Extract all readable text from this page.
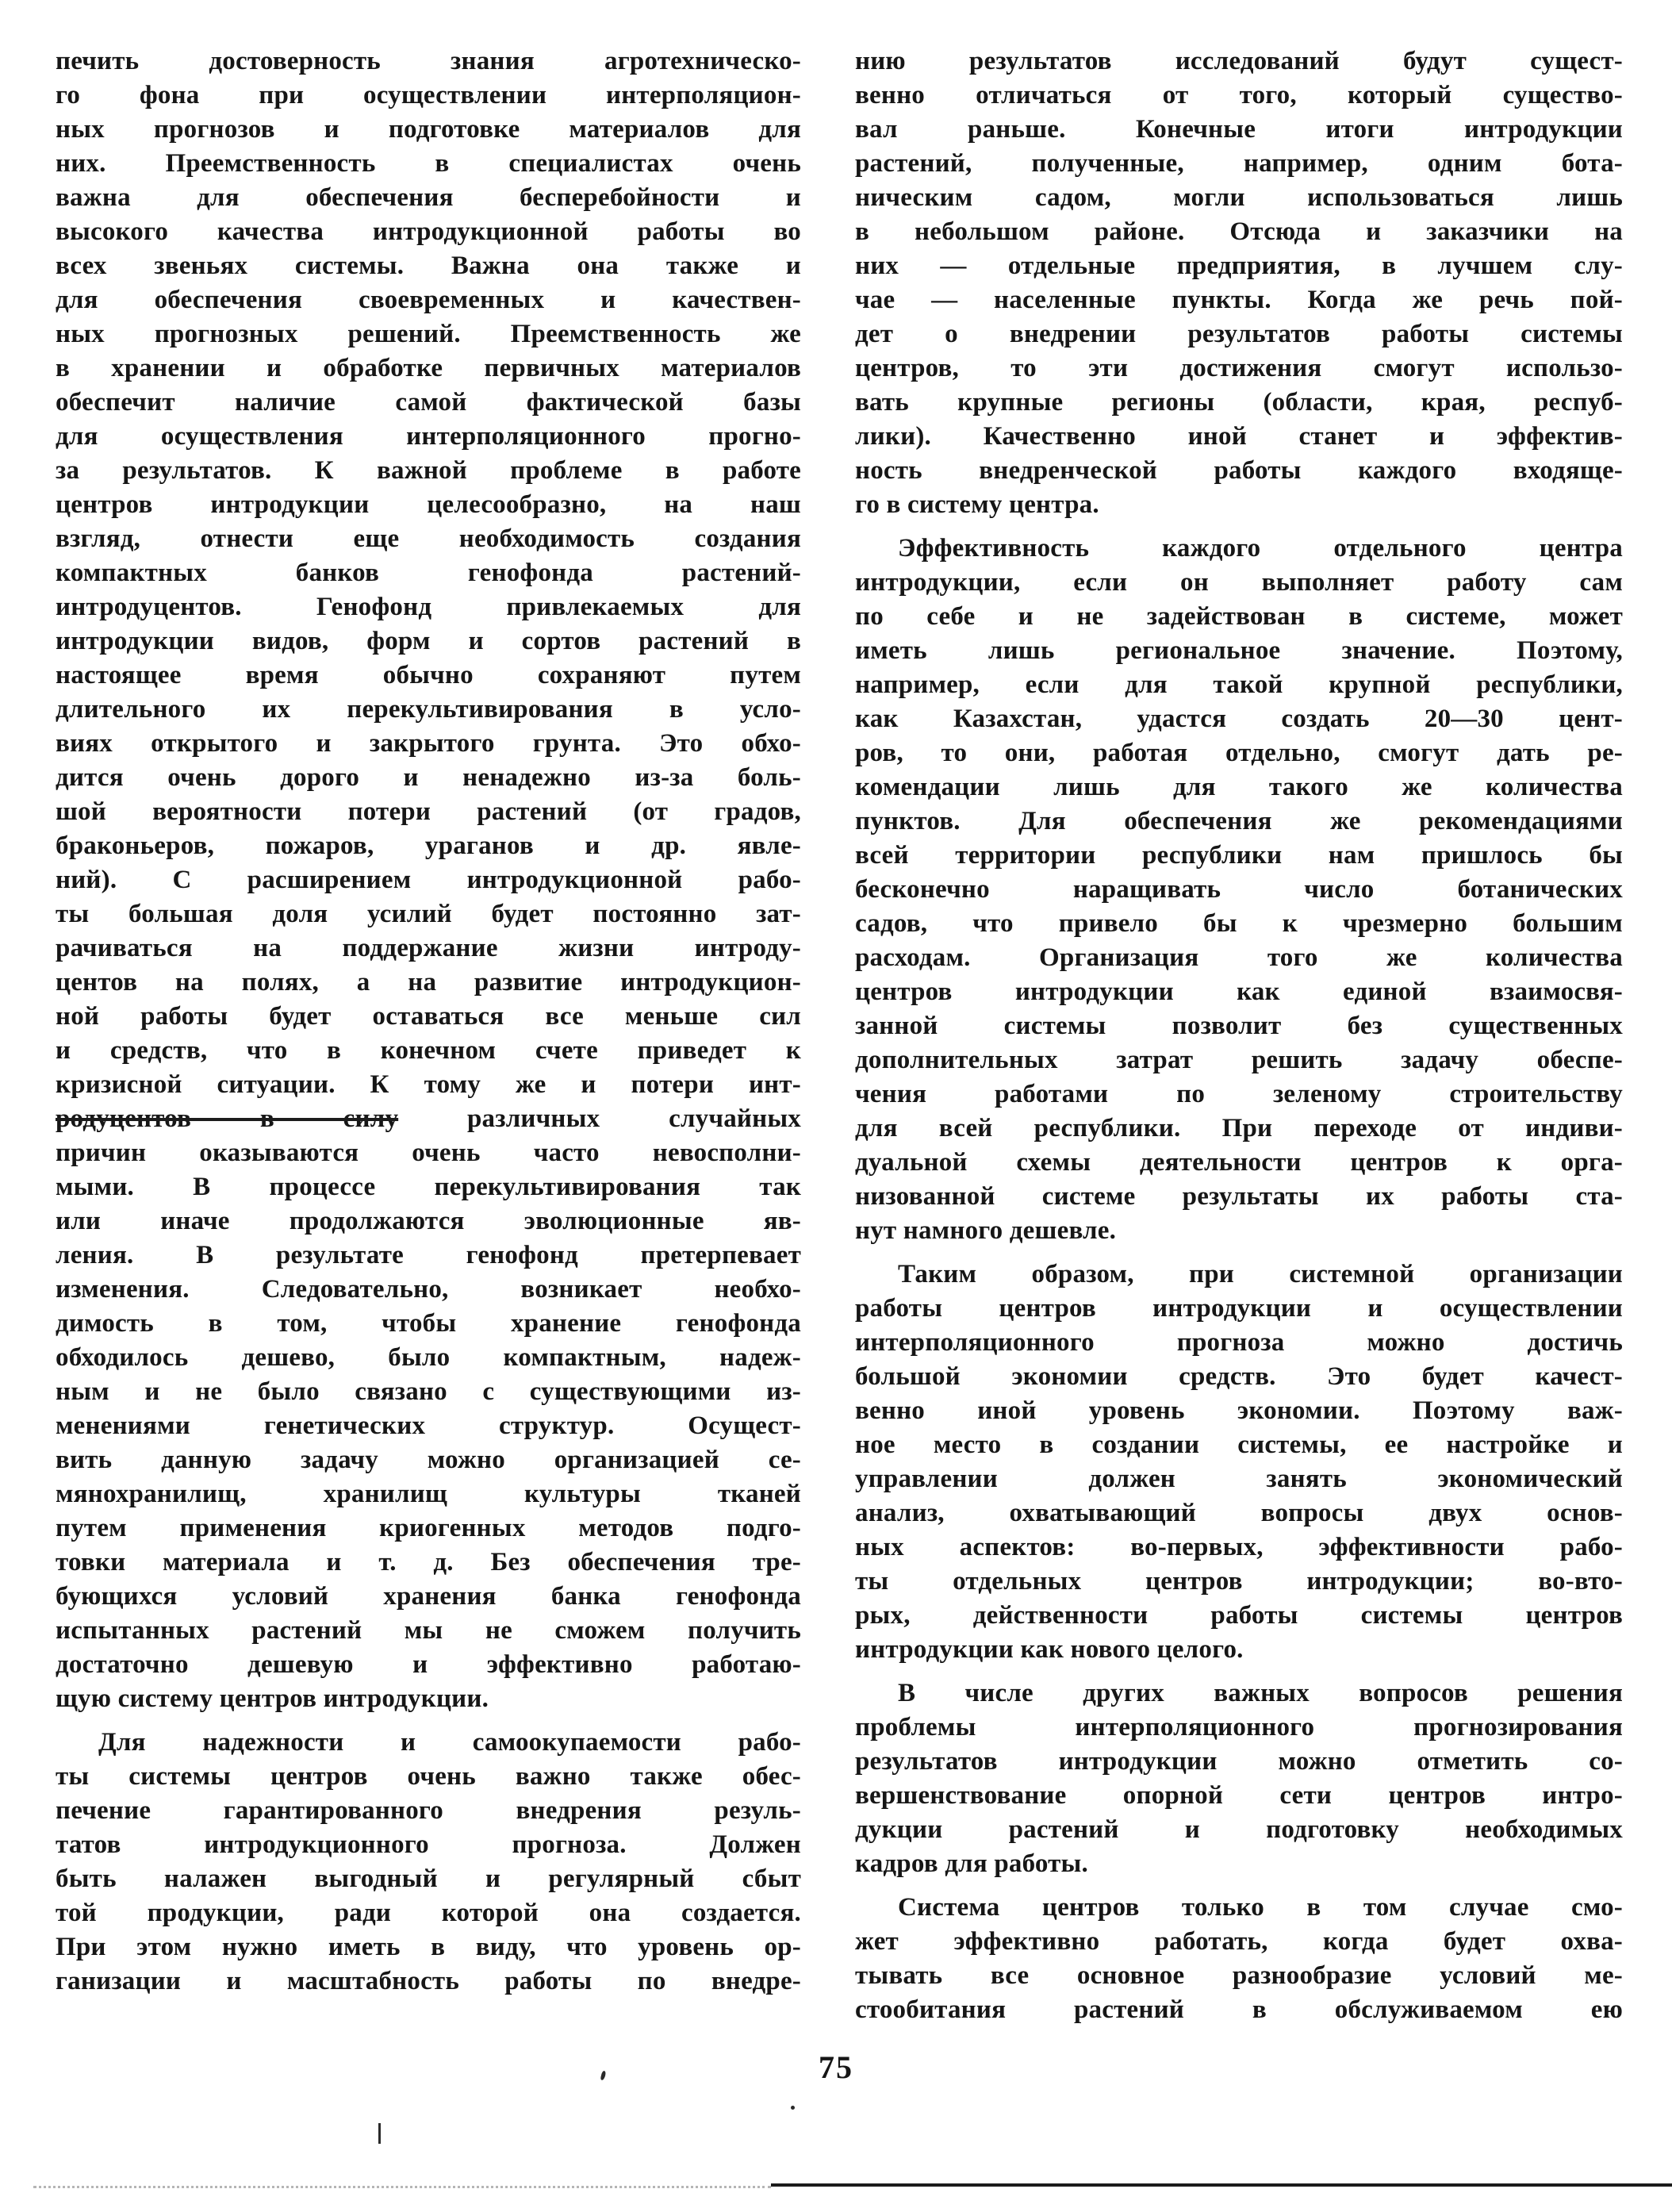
печить достоверность знания агротехническо-
го фона при осуществлении интерполяцион-
ных прогнозов и подготовке материалов для
них. Преемственность в специалистах очень
важна для обеспечения бесперебойности и
высокого качества интродукционной работы во
всех звеньях системы. Важна она также и
для обеспечения своевременных и качествен-
ных прогнозных решений. Преемственность же
в хранении и обработке первичных материалов
обеспечит наличие самой фактической базы
для осуществления интерполяционного прогно-
за результатов. К важной проблеме в работе
центров интродукции целесообразно, на наш
взгляд, отнести еще необходимость создания
компактных банков генофонда растений-
интродуцентов. Генофонд привлекаемых для
интродукции видов, форм и сортов растений в
настоящее время обычно сохраняют путем
длительного их перекультивирования в усло-
виях открытого и закрытого грунта. Это обхо-
дится очень дорого и ненадежно из-за боль-
шой вероятности потери растений (от градов,
браконьеров, пожаров, ураганов и др. явле-
ний). С расширением интродукционной рабо-
ты большая доля усилий будет постоянно зат-
рачиваться на поддержание жизни интроду-
центов на полях, а на развитие интродукцион-
ной работы будет оставаться все меньше сил
и средств, что в конечном счете приведет к
кризисной ситуации. К тому же и потери инт-
родуцентов в силу различных случайных
причин оказываются очень часто невосполни-
мыми. В процессе перекультивирования так
или иначе продолжаются эволюционные яв-
ления. В результате генофонд претерпевает
изменения. Следовательно, возникает необхо-
димость в том, чтобы хранение генофонда
обходилось дешево, было компактным, надеж-
ным и не было связано с существующими из-
менениями генетических структур. Осущест-
вить данную задачу можно организацией се-
мянохранилищ, хранилищ культуры тканей
путем применения криогенных методов подго-
товки материала и т. д. Без обеспечения тре-
бующихся условий хранения банка генофонда
испытанных растений мы не сможем получить
достаточно дешевую и эффективно работаю-
щую систему центров интродукции.

Для надежности и самоокупаемости рабо-
ты системы центров очень важно также обес-
печение гарантированного внедрения резуль-
татов интродукционного прогноза. Должен
быть налажен выгодный и регулярный сбыт
той продукции, ради которой она создается.
При этом нужно иметь в виду, что уровень ор-
ганизации и масштабность работы по внедре-

нию результатов исследований будут сущест-
венно отличаться от того, который существо-
вал раньше. Конечные итоги интродукции
растений, полученные, например, одним бота-
ническим садом, могли использоваться лишь
в небольшом районе. Отсюда и заказчики на
них — отдельные предприятия, в лучшем слу-
чае — населенные пункты. Когда же речь пой-
дет о внедрении результатов работы системы
центров, то эти достижения смогут использо-
вать крупные регионы (области, края, респуб-
лики). Качественно иной станет и эффектив-
ность внедренческой работы каждого входяще-
го в систему центра.

Эффективность каждого отдельного центра
интродукции, если он выполняет работу сам
по себе и не задействован в системе, может
иметь лишь региональное значение. Поэтому,
например, если для такой крупной республики,
как Казахстан, удастся создать 20—30 цент-
ров, то они, работая отдельно, смогут дать ре-
комендации лишь для такого же количества
пунктов. Для обеспечения же рекомендациями
всей территории республики нам пришлось бы
бесконечно наращивать число ботанических
садов, что привело бы к чрезмерно большим
расходам. Организация того же количества
центров интродукции как единой взаимосвя-
занной системы позволит без существенных
дополнительных затрат решить задачу обеспе-
чения работами по зеленому строительству
для всей республики. При переходе от индиви-
дуальной схемы деятельности центров к орга-
низованной системе результаты их работы ста-
нут намного дешевле.

Таким образом, при системной организации
работы центров интродукции и осуществлении
интерполяционного прогноза можно достичь
большой экономии средств. Это будет качест-
венно иной уровень экономии. Поэтому важ-
ное место в создании системы, ее настройке и
управлении должен занять экономический
анализ, охватывающий вопросы двух основ-
ных аспектов: во-первых, эффективности рабо-
ты отдельных центров интродукции; во-вто-
рых, действенности работы системы центров
интродукции как нового целого.

В числе других важных вопросов решения
проблемы интерполяционного прогнозирования
результатов интродукции можно отметить со-
вершенствование опорной сети центров интро-
дукции растений и подготовку необходимых
кадров для работы.

Система центров только в том случае смо-
жет эффективно работать, когда будет охва-
тывать все основное разнообразие условий ме-
стообитания растений в обслуживаемом ею

75
